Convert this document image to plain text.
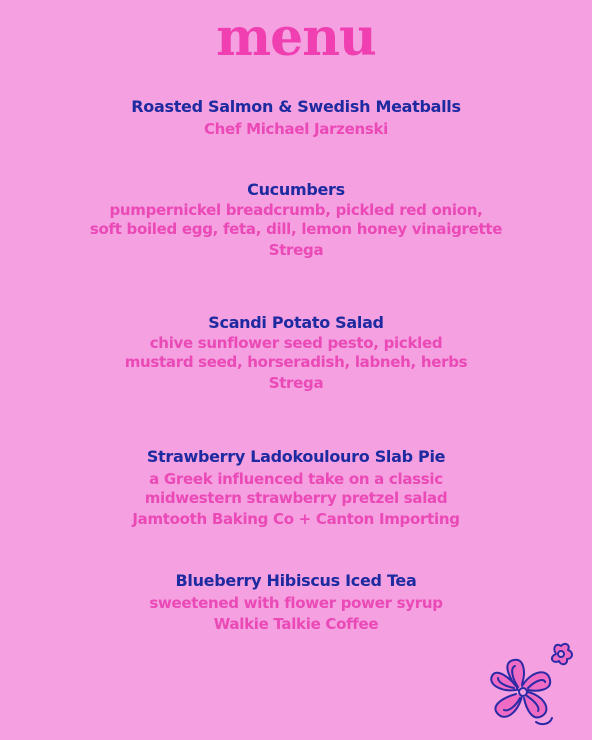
menu
Roasted Salmon & Swedish Meatballs
Chef Michael Jarzenski
Cucumbers
pumpernickel breadcrumb, pickled red onion,
soft boiled egg, feta, dill, lemon honey vinaigrette
Strega
Scandi Potato Salad
chive sunflower seed pesto, pickled
mustard seed, horseradish, labneh, herbs
Strega
Strawberry Ladokoulouro Slab Pie
a Greek influenced take on a classic
midwestern strawberry pretzel salad
Jamtooth Baking Co + Canton Importing
Blueberry Hibiscus Iced Tea
sweetened with flower power syrup
Walkie Talkie Coffee
